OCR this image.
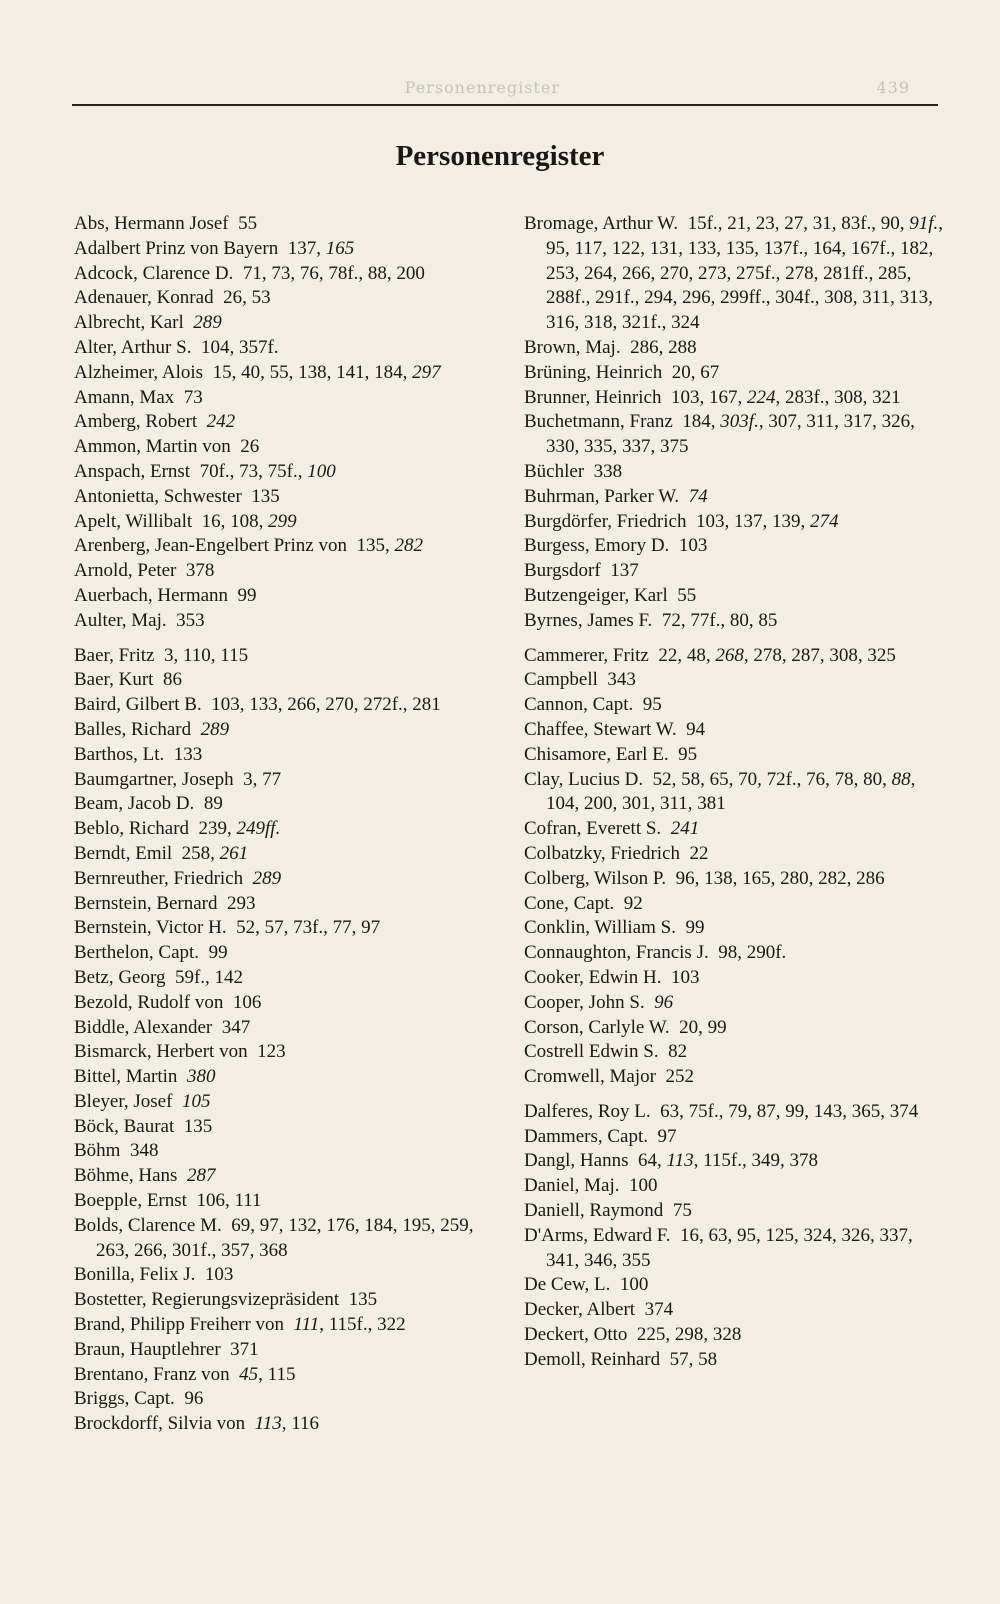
Personenregister	439
Personenregister
Abs, Hermann Josef  55
Adalbert Prinz von Bayern  137, 165
Adcock, Clarence D.  71, 73, 76, 78f., 88, 200
Adenauer, Konrad  26, 53
Albrecht, Karl  289
Alter, Arthur S.  104, 357f.
Alzheimer, Alois  15, 40, 55, 138, 141, 184, 297
Amann, Max  73
Amberg, Robert  242
Ammon, Martin von  26
Anspach, Ernst  70f., 73, 75f., 100
Antonietta, Schwester  135
Apelt, Willibalt  16, 108, 299
Arenberg, Jean-Engelbert Prinz von  135, 282
Arnold, Peter  378
Auerbach, Hermann  99
Aulter, Maj.  353
Baer, Fritz  3, 110, 115
Baer, Kurt  86
Baird, Gilbert B.  103, 133, 266, 270, 272f., 281
Balles, Richard  289
Barthos, Lt.  133
Baumgartner, Joseph  3, 77
Beam, Jacob D.  89
Beblo, Richard  239, 249ff.
Berndt, Emil  258, 261
Bernreuther, Friedrich  289
Bernstein, Bernard  293
Bernstein, Victor H.  52, 57, 73f., 77, 97
Berthelon, Capt.  99
Betz, Georg  59f., 142
Bezold, Rudolf von  106
Biddle, Alexander  347
Bismarck, Herbert von  123
Bittel, Martin  380
Bleyer, Josef  105
Böck, Baurat  135
Böhm  348
Böhme, Hans  287
Boepple, Ernst  106, 111
Bolds, Clarence M.  69, 97, 132, 176, 184, 195, 259, 263, 266, 301f., 357, 368
Bonilla, Felix J.  103
Bostetter, Regierungsvizepräsident  135
Brand, Philipp Freiherr von  111, 115f., 322
Braun, Hauptlehrer  371
Brentano, Franz von  45, 115
Briggs, Capt.  96
Brockdorff, Silvia von  113, 116
Bromage, Arthur W.  15f., 21, 23, 27, 31, 83f., 90, 91f., 95, 117, 122, 131, 133, 135, 137f., 164, 167f., 182, 253, 264, 266, 270, 273, 275f., 278, 281ff., 285, 288f., 291f., 294, 296, 299ff., 304f., 308, 311, 313, 316, 318, 321f., 324
Brown, Maj.  286, 288
Brüning, Heinrich  20, 67
Brunner, Heinrich  103, 167, 224, 283f., 308, 321
Buchetmann, Franz  184, 303f., 307, 311, 317, 326, 330, 335, 337, 375
Büchler  338
Buhrman, Parker W.  74
Burgdörfer, Friedrich  103, 137, 139, 274
Burgess, Emory D.  103
Burgsdorf  137
Butzengeiger, Karl  55
Byrnes, James F.  72, 77f., 80, 85
Cammerer, Fritz  22, 48, 268, 278, 287, 308, 325
Campbell  343
Cannon, Capt.  95
Chaffee, Stewart W.  94
Chisamore, Earl E.  95
Clay, Lucius D.  52, 58, 65, 70, 72f., 76, 78, 80, 88, 104, 200, 301, 311, 381
Cofran, Everett S.  241
Colbatzky, Friedrich  22
Colberg, Wilson P.  96, 138, 165, 280, 282, 286
Cone, Capt.  92
Conklin, William S.  99
Connaughton, Francis J.  98, 290f.
Cooker, Edwin H.  103
Cooper, John S.  96
Corson, Carlyle W.  20, 99
Costrell Edwin S.  82
Cromwell, Major  252
Dalferes, Roy L.  63, 75f., 79, 87, 99, 143, 365, 374
Dammers, Capt.  97
Dangl, Hanns  64, 113, 115f., 349, 378
Daniel, Maj.  100
Daniell, Raymond  75
D'Arms, Edward F.  16, 63, 95, 125, 324, 326, 337, 341, 346, 355
De Cew, L.  100
Decker, Albert  374
Deckert, Otto  225, 298, 328
Demoll, Reinhard  57, 58
